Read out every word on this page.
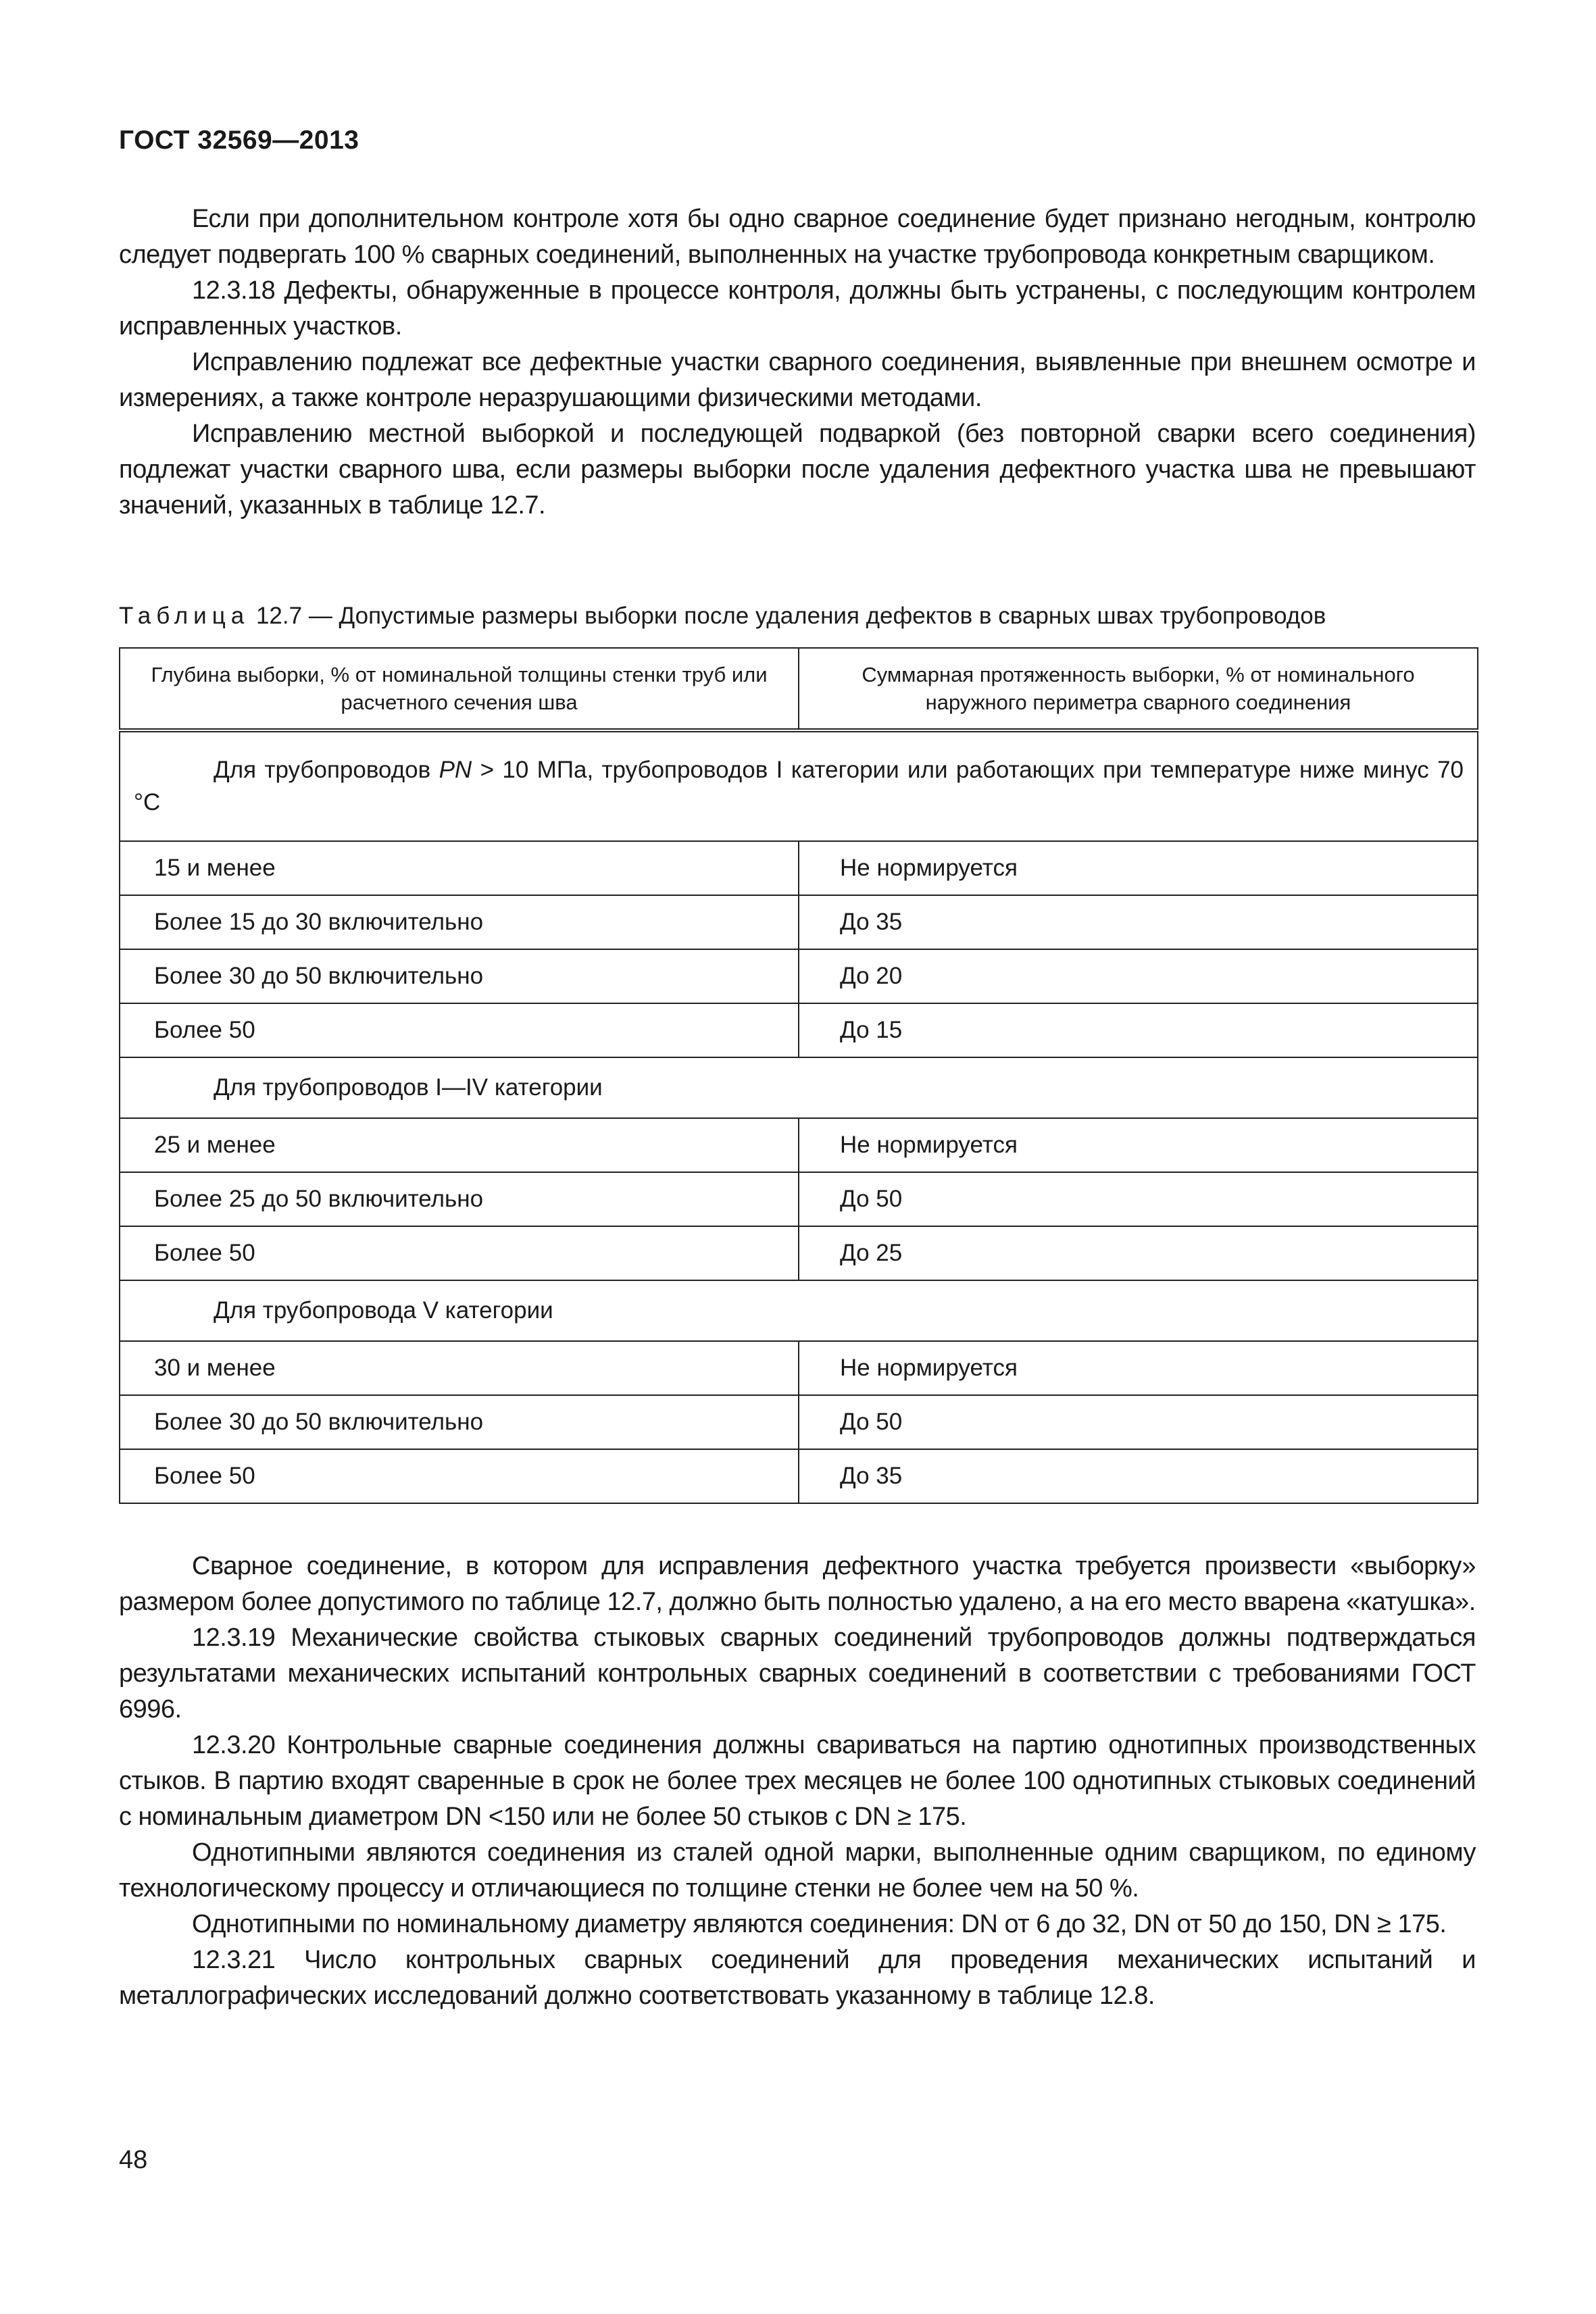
ГОСТ 32569—2013

Если при дополнительном контроле хотя бы одно сварное соединение будет признано негодным, контролю следует подвергать 100 % сварных соединений, выполненных на участке трубопровода конкретным сварщиком.

12.3.18 Дефекты, обнаруженные в процессе контроля, должны быть устранены, с последующим контролем исправленных участков.

Исправлению подлежат все дефектные участки сварного соединения, выявленные при внешнем осмотре и измерениях, а также контроле неразрушающими физическими методами.

Исправлению местной выборкой и последующей подваркой (без повторной сварки всего соединения) подлежат участки сварного шва, если размеры выборки после удаления дефектного участка шва не превышают значений, указанных в таблице 12.7.

Таблица 12.7 — Допустимые размеры выборки после удаления дефектов в сварных швах трубопроводов
Глубина выборки, % от номинальной толщины стенки труб или расчетного сечения шва	Суммарная протяженность выборки, % от номинального наружного периметра сварного соединения
Для трубопроводов PN > 10 МПа, трубопроводов I категории или работающих при температуре ниже минус 70 °С	
15 и менее	Не нормируется
Более 15 до 30 включительно	До 35
Более 30 до 50 включительно	До 20
Более 50	До 15
Для трубопроводов I—IV категории	
25 и менее	Не нормируется
Более 25 до 50 включительно	До 50
Более 50	До 25
Для трубопровода V категории	
30 и менее	Не нормируется
Более 30 до 50 включительно	До 50
Более 50	До 35

Сварное соединение, в котором для исправления дефектного участка требуется произвести «выборку» размером более допустимого по таблице 12.7, должно быть полностью удалено, а на его место вварена «катушка».

12.3.19 Механические свойства стыковых сварных соединений трубопроводов должны подтверждаться результатами механических испытаний контрольных сварных соединений в соответствии с требованиями ГОСТ 6996.

12.3.20 Контрольные сварные соединения должны свариваться на партию однотипных производственных стыков. В партию входят сваренные в срок не более трех месяцев не более 100 однотипных стыковых соединений с номинальным диаметром DN <150 или не более 50 стыков с DN ≥ 175.

Однотипными являются соединения из сталей одной марки, выполненные одним сварщиком, по единому технологическому процессу и отличающиеся по толщине стенки не более чем на 50 %.

Однотипными по номинальному диаметру являются соединения: DN от 6 до 32, DN от 50 до 150, DN ≥ 175.

12.3.21 Число контрольных сварных соединений для проведения механических испытаний и металлографических исследований должно соответствовать указанному в таблице 12.8.

48
